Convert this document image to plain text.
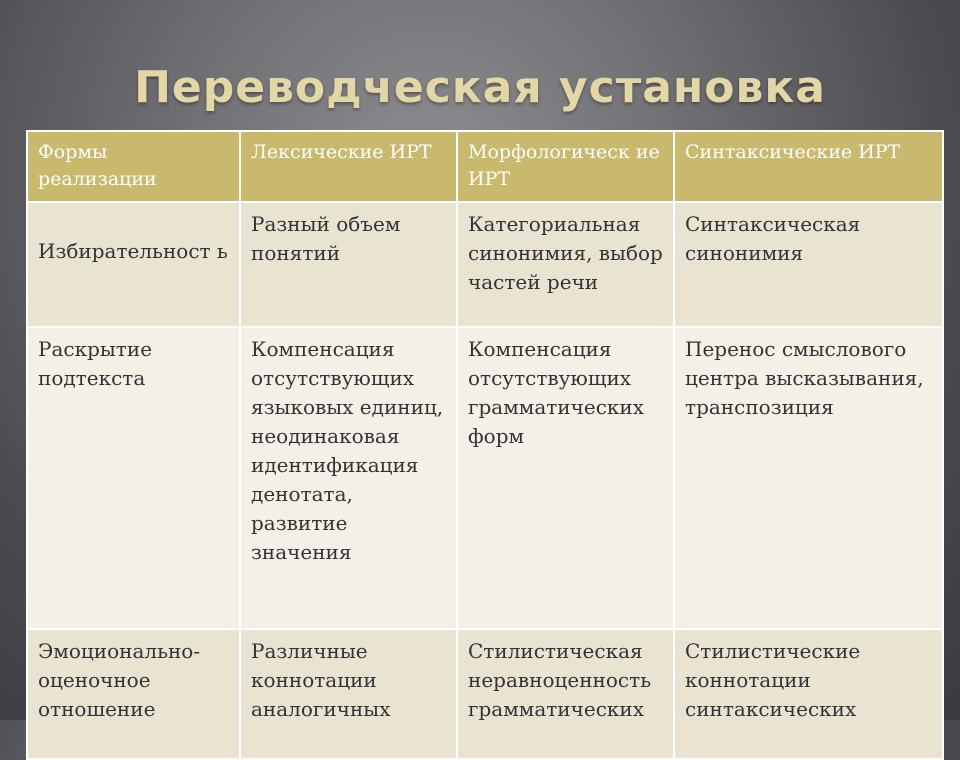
Переводческая установка
Формы реализации	Лексические ИРТ	Морфологическ ие ИРТ	Синтаксические ИРТ
Избирательност ь	Разный объем понятий	Категориальная синонимия, выбор частей речи	Синтаксическая синонимия
Раскрытие подтекста	Компенсация отсутствующих языковых единиц, неодинаковая идентификация денотата, развитие значения	Компенсация отсутствующих грамматических форм	Перенос смыслового центра высказывания, транспозиция
Эмоционально-оценочное отношение	Различные коннотации аналогичных	Стилистическая неравноценность грамматических	Стилистические коннотации синтаксических
